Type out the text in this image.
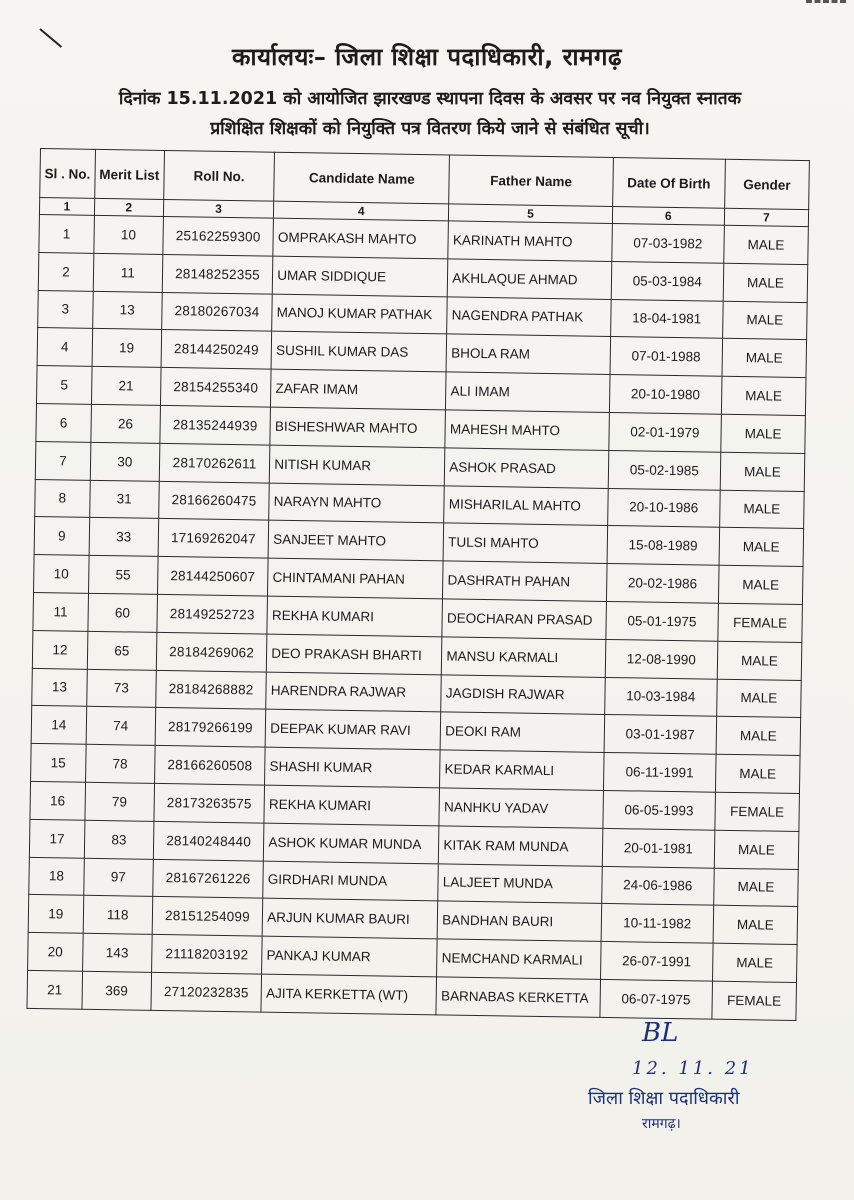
कार्यालयः– जिला शिक्षा पदाधिकारी, रामगढ़
दिनांक 15.11.2021 को आयोजित झारखण्ड स्थापना दिवस के अवसर पर नव नियुक्त स्नातक
प्रशिक्षित शिक्षकों को नियुक्ति पत्र वितरण किये जाने से संबंधित सूची।
Sl . No.	Merit List	Roll No.	Candidate Name	Father Name	Date Of Birth	Gender
1	2	3	4	5	6	7
1	10	25162259300	OMPRAKASH MAHTO	KARINATH MAHTO	07-03-1982	MALE
2	11	28148252355	UMAR SIDDIQUE	AKHLAQUE AHMAD	05-03-1984	MALE
3	13	28180267034	MANOJ KUMAR PATHAK	NAGENDRA PATHAK	18-04-1981	MALE
4	19	28144250249	SUSHIL KUMAR DAS	BHOLA RAM	07-01-1988	MALE
5	21	28154255340	ZAFAR IMAM	ALI IMAM	20-10-1980	MALE
6	26	28135244939	BISHESHWAR MAHTO	MAHESH MAHTO	02-01-1979	MALE
7	30	28170262611	NITISH KUMAR	ASHOK PRASAD	05-02-1985	MALE
8	31	28166260475	NARAYN MAHTO	MISHARILAL MAHTO	20-10-1986	MALE
9	33	17169262047	SANJEET MAHTO	TULSI MAHTO	15-08-1989	MALE
10	55	28144250607	CHINTAMANI PAHAN	DASHRATH PAHAN	20-02-1986	MALE
11	60	28149252723	REKHA KUMARI	DEOCHARAN PRASAD	05-01-1975	FEMALE
12	65	28184269062	DEO PRAKASH BHARTI	MANSU KARMALI	12-08-1990	MALE
13	73	28184268882	HARENDRA RAJWAR	JAGDISH RAJWAR	10-03-1984	MALE
14	74	28179266199	DEEPAK KUMAR RAVI	DEOKI RAM	03-01-1987	MALE
15	78	28166260508	SHASHI KUMAR	KEDAR KARMALI	06-11-1991	MALE
16	79	28173263575	REKHA KUMARI	NANHKU YADAV	06-05-1993	FEMALE
17	83	28140248440	ASHOK KUMAR MUNDA	KITAK RAM MUNDA	20-01-1981	MALE
18	97	28167261226	GIRDHARI MUNDA	LALJEET MUNDA	24-06-1986	MALE
19	118	28151254099	ARJUN KUMAR BAURI	BANDHAN BAURI	10-11-1982	MALE
20	143	21118203192	PANKAJ KUMAR	NEMCHAND KARMALI	26-07-1991	MALE
21	369	27120232835	AJITA KERKETTA (WT)	BARNABAS KERKETTA	06-07-1975	FEMALE
BL
12. 11. 21
जिला शिक्षा पदाधिकारी
रामगढ़।
